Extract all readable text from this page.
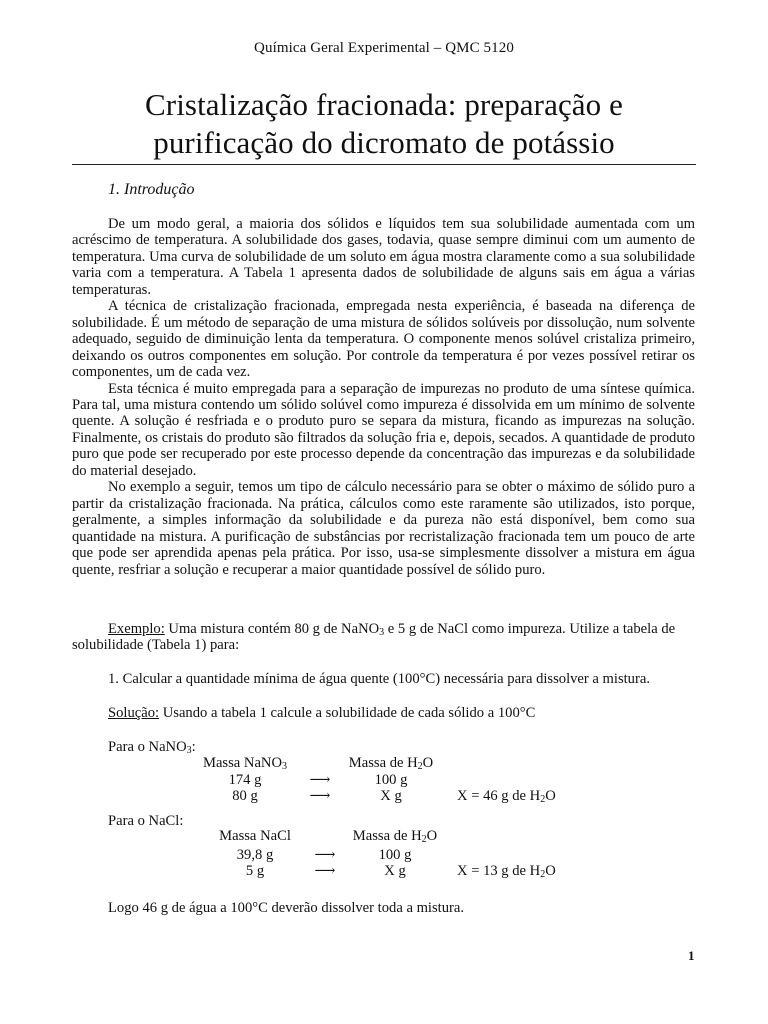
Química Geral Experimental – QMC 5120
Cristalização fracionada: preparação e
purificação do dicromato de potássio
1. Introdução

De um modo geral, a maioria dos sólidos e líquidos tem sua solubilidade aumentada com um acréscimo de temperatura. A solubilidade dos gases, todavia, quase sempre diminui com um aumento de temperatura. Uma curva de solubilidade de um soluto em água mostra claramente como a sua solubilidade varia com a temperatura. A Tabela 1 apresenta dados de solubilidade de alguns sais em água a várias temperaturas.

A técnica de cristalização fracionada, empregada nesta experiência, é baseada na diferença de solubilidade. É um método de separação de uma mistura de sólidos solúveis por dissolução, num solvente adequado, seguido de diminuição lenta da temperatura. O componente menos solúvel cristaliza primeiro, deixando os outros componentes em solução. Por controle da temperatura é por vezes possível retirar os componentes, um de cada vez.

Esta técnica é muito empregada para a separação de impurezas no produto de uma síntese química. Para tal, uma mistura contendo um sólido solúvel como impureza é dissolvida em um mínimo de solvente quente. A solução é resfriada e o produto puro se separa da mistura, ficando as impurezas na solução. Finalmente, os cristais do produto são filtrados da solução fria e, depois, secados. A quantidade de produto puro que pode ser recuperado por este processo depende da concentração das impurezas e da solubilidade do material desejado.

No exemplo a seguir, temos um tipo de cálculo necessário para se obter o máximo de sólido puro a partir da cristalização fracionada. Na prática, cálculos como este raramente são utilizados, isto porque, geralmente, a simples informação da solubilidade e da pureza não está disponível, bem como sua quantidade na mistura. A purificação de substâncias por recristalização fracionada tem um pouco de arte que pode ser aprendida apenas pela prática. Por isso, usa-se simplesmente dissolver a mistura em água quente, resfriar a solução e recuperar a maior quantidade possível de sólido puro.

Exemplo: Uma mistura contém 80 g de NaNO$_3$ e 5 g de NaCl como impureza. Utilize a tabela de solubilidade (Tabela 1) para:
1. Calcular a quantidade mínima de água quente (100°C) necessária para dissolver a mistura.
Solução: Usando a tabela 1 calcule a solubilidade de cada sólido a 100°C
Para o NaNO$_3$:
Massa NaNO$_3$	Massa de $H_2O$
174 g	⟶	100 g
80 g	⟶	X g	X = 46 g de $H_2O$
Para o NaCl:
Massa NaCl	Massa de $H_2O$
39,8 g	⟶	100 g
5 g	⟶	X g	X = 13 g de $H_2O$
Logo 46 g de água a 100°C deverão dissolver toda a mistura.
1
